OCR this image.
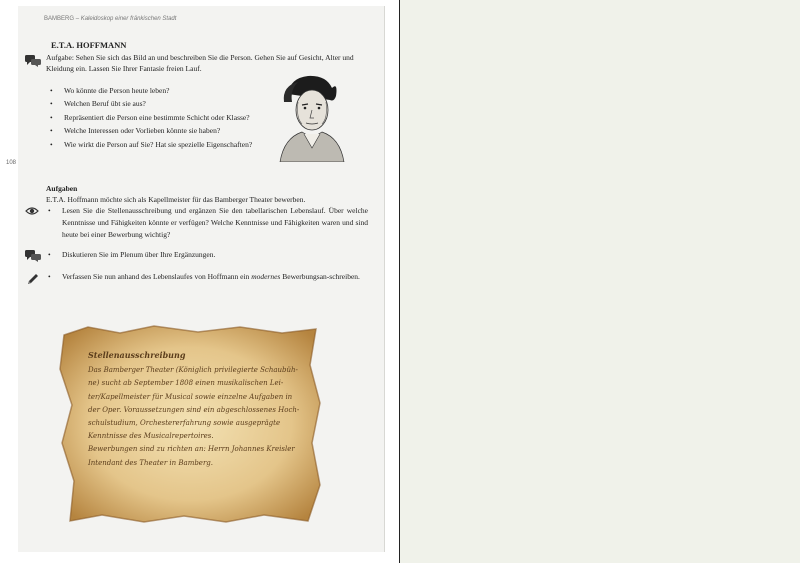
BAMBERG – Kaleidoskop einer fränkischen Stadt
108
E.T.A. HOFFMANN
Aufgabe: Sehen Sie sich das Bild an und beschreiben Sie die Person. Gehen Sie auf Gesicht, Alter und Kleidung ein. Lassen Sie Ihrer Fantasie freien Lauf.
• Wo könnte die Person heute leben?
• Welchen Beruf übt sie aus?
• Repräsentiert die Person eine bestimmte Schicht oder Klasse?
• Welche Interessen oder Vorlieben könnte sie haben?
• Wie wirkt die Person auf Sie? Hat sie spezielle Eigenschaften?
Aufgaben
E.T.A. Hoffmann möchte sich als Kapellmeister für das Bamberger Theater bewerben.
• Lesen Sie die Stellenausschreibung und ergänzen Sie den tabellarischen Lebenslauf. Über welche Kenntnisse und Fähigkeiten könnte er verfügen? Welche Kenntnisse und Fähigkeiten waren und sind heute bei einer Bewerbung wichtig?
• Diskutieren Sie im Plenum über Ihre Ergänzungen.
• Verfassen Sie nun anhand des Lebenslaufes von Hoffmann ein modernes Bewerbungsan-schreiben.
Stellenausschreibung
Das Bamberger Theater (Königlich privilegierte Schaubüh-
ne) sucht ab September 1808 einen musikalischen Lei-
ter/Kapellmeister für Musical sowie einzelne Aufgaben in
der Oper. Voraussetzungen sind ein abgeschlossenes Hoch-
schulstudium, Orchestererfahrung sowie ausgeprägte
Kenntnisse des Musicalrepertoires.
Bewerbungen sind zu richten an: Herrn Johannes Kreisler
Intendant des Theater in Bamberg.
